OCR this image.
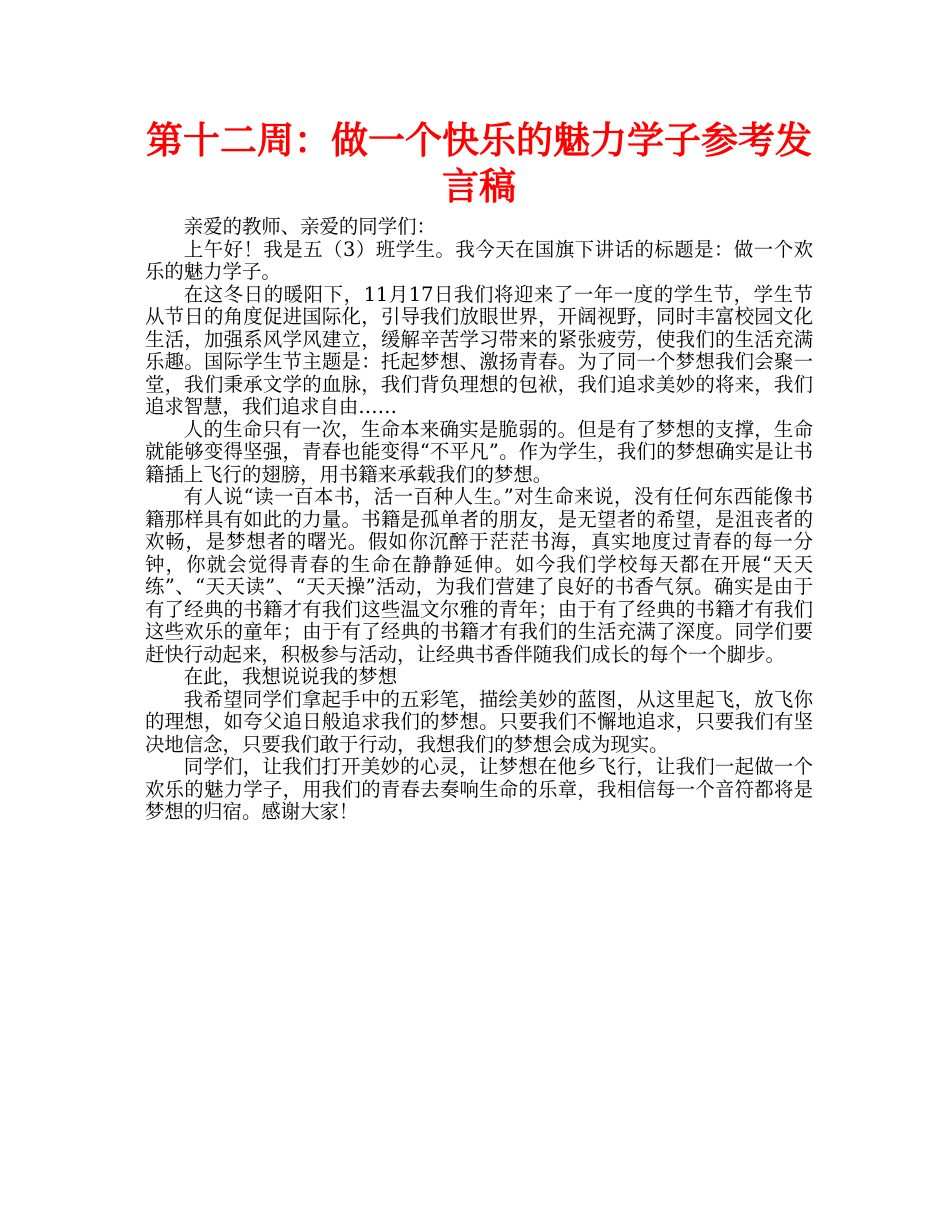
第十二周：做一个快乐的魅力学子参考发言稿

亲爱的教师、亲爱的同学们：

上午好！我是五（3）班学生。我今天在国旗下讲话的标题是：做一个欢乐的魅力学子。

在这冬日的暖阳下，11月17日我们将迎来了一年一度的学生节，学生节从节日的角度促进国际化，引导我们放眼世界，开阔视野，同时丰富校园文化生活，加强系风学风建立，缓解辛苦学习带来的紧张疲劳，使我们的生活充满乐趣。国际学生节主题是：托起梦想、激扬青春。为了同一个梦想我们会聚一堂，我们秉承文学的血脉，我们背负理想的包袱，我们追求美妙的将来，我们追求智慧，我们追求自由……

人的生命只有一次，生命本来确实是脆弱的。但是有了梦想的支撑，生命就能够变得坚强，青春也能变得“不平凡”。作为学生，我们的梦想确实是让书籍插上飞行的翅膀，用书籍来承载我们的梦想。

有人说“读一百本书，活一百种人生。”对生命来说，没有任何东西能像书籍那样具有如此的力量。书籍是孤单者的朋友，是无望者的希望，是沮丧者的欢畅，是梦想者的曙光。假如你沉醉于茫茫书海，真实地度过青春的每一分钟，你就会觉得青春的生命在静静延伸。如今我们学校每天都在开展“天天练”、“天天读”、“天天操”活动，为我们营建了良好的书香气氛。确实是由于有了经典的书籍才有我们这些温文尔雅的青年；由于有了经典的书籍才有我们这些欢乐的童年；由于有了经典的书籍才有我们的生活充满了深度。同学们要赶快行动起来，积极参与活动，让经典书香伴随我们成长的每个一个脚步。

在此，我想说说我的梦想

我希望同学们拿起手中的五彩笔，描绘美妙的蓝图，从这里起飞，放飞你的理想，如夸父追日般追求我们的梦想。只要我们不懈地追求，只要我们有坚决地信念，只要我们敢于行动，我想我们的梦想会成为现实。

同学们，让我们打开美妙的心灵，让梦想在他乡飞行，让我们一起做一个欢乐的魅力学子，用我们的青春去奏响生命的乐章，我相信每一个音符都将是梦想的归宿。感谢大家！
